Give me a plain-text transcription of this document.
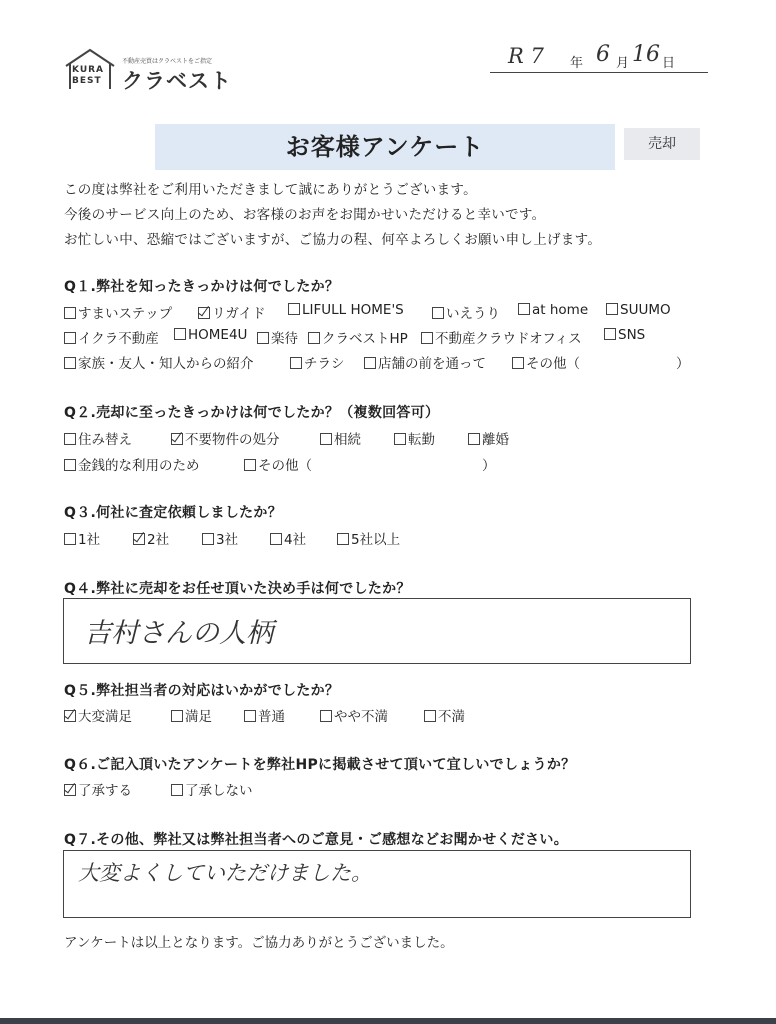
KURA
BEST
不動産売買はクラベストをご指定
クラベスト
R 7 年 6 月 16 日
お客様アンケート	売却
この度は弊社をご利用いただきまして誠にありがとうございます。
今後のサービス向上のため、お客様のお声をお聞かせいただけると幸いです。
お忙しい中、恐縮ではございますが、ご協力の程、何卒よろしくお願い申し上げます。
Q１.弊社を知ったきっかけは何でしたか？
すまいステップ	リガイド	LIFULL HOME'S	いえうり	at home	SUUMO
イクラ不動産	HOME4U	楽待	クラベストHP	不動産クラウドオフィス	SNS
家族・友人・知人からの紹介	チラシ	店舗の前を通って	その他（	）
Q２.売却に至ったきっかけは何でしたか？（複数回答可）
住み替え	不要物件の処分	相続	転勤	離婚
金銭的な利用のため	その他（	）
Q３.何社に査定依頼しましたか？
1社	2社	3社	4社	5社以上
Q４.弊社に売却をお任せ頂いた決め手は何でしたか？
吉村さんの人柄
Q５.弊社担当者の対応はいかがでしたか？
大変満足	満足	普通	やや不満	不満
Q６.ご記入頂いたアンケートを弊社HPに掲載させて頂いて宜しいでしょうか？
了承する	了承しない
Q７.その他、弊社又は弊社担当者へのご意見・ご感想などお聞かせください。
大変よくしていただけました。
アンケートは以上となります。ご協力ありがとうございました。
